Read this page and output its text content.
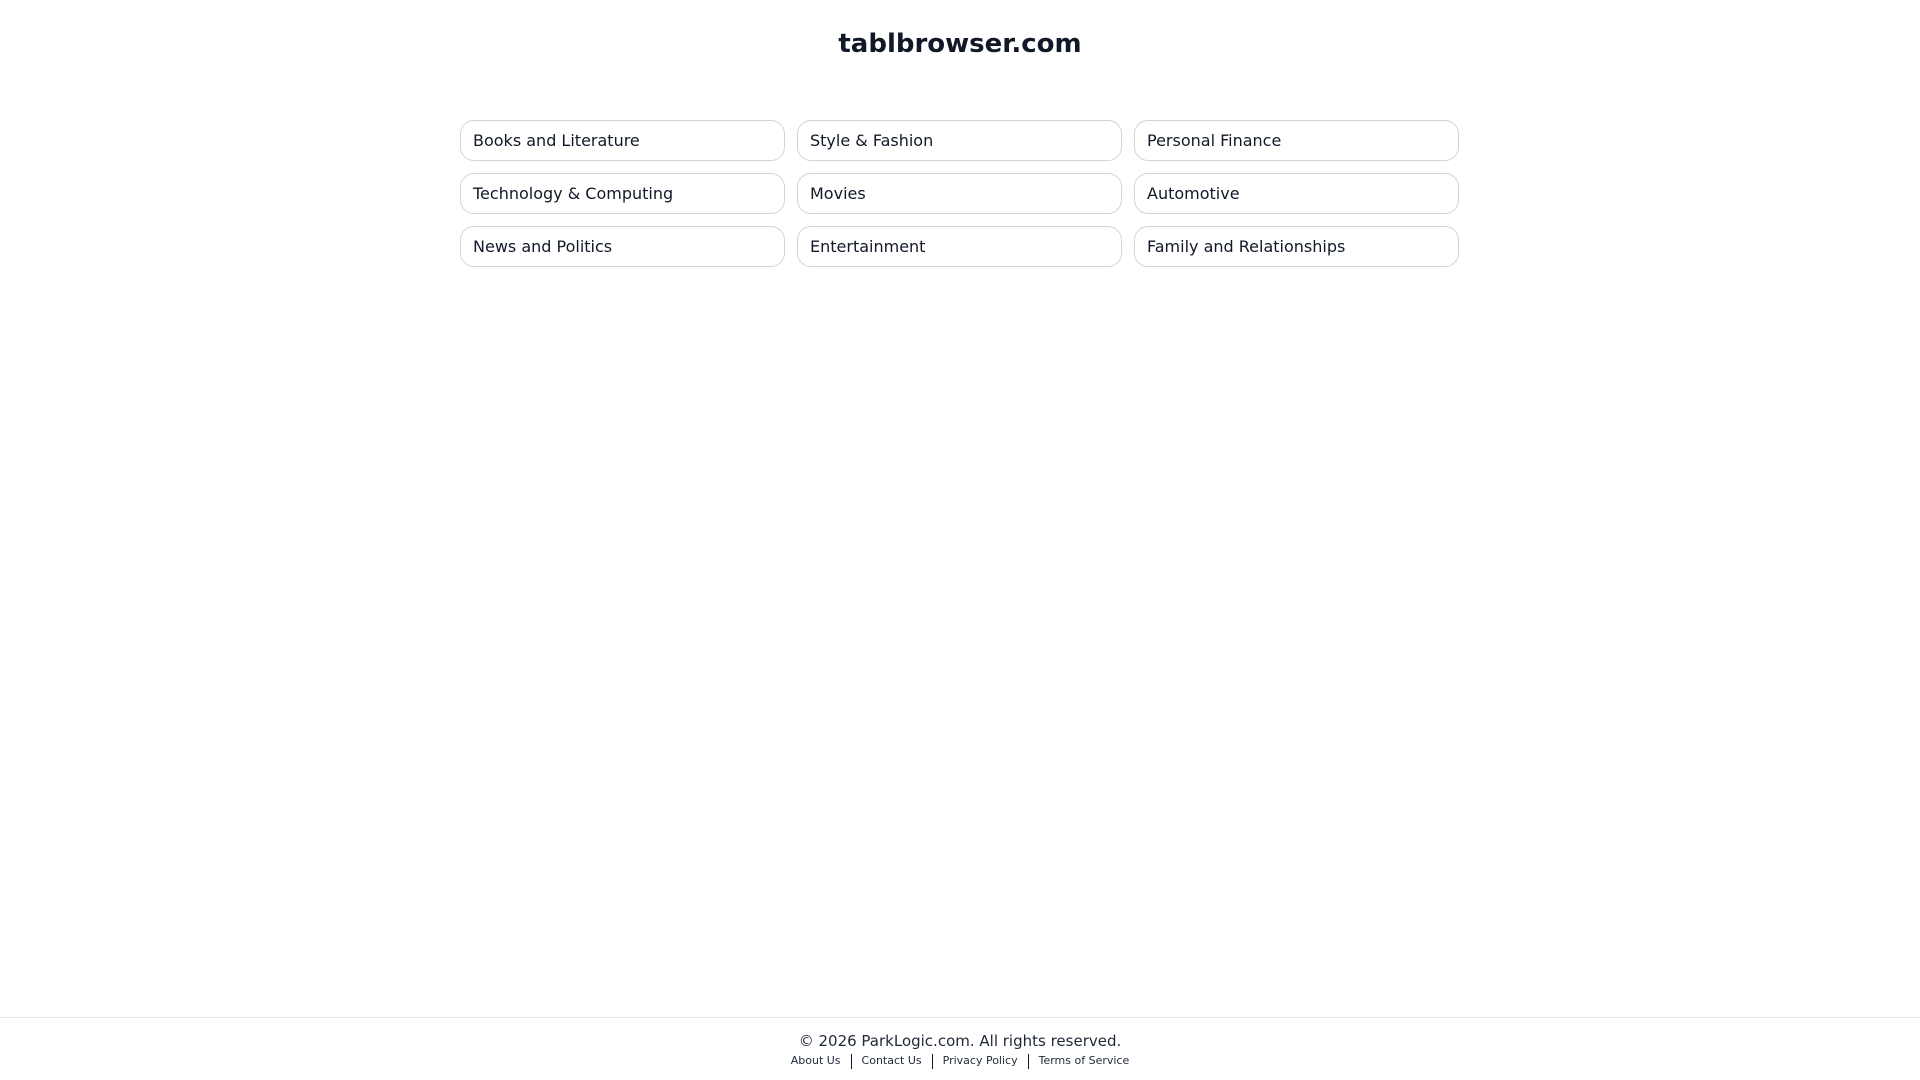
tablbrowser.com
Books and Literature	Style & Fashion	Personal Finance
Technology & Computing	Movies	Automotive
News and Politics	Entertainment	Family and Relationships
© 2026 ParkLogic.com. All rights reserved.
About Us	Contact Us	Privacy Policy	Terms of Service
